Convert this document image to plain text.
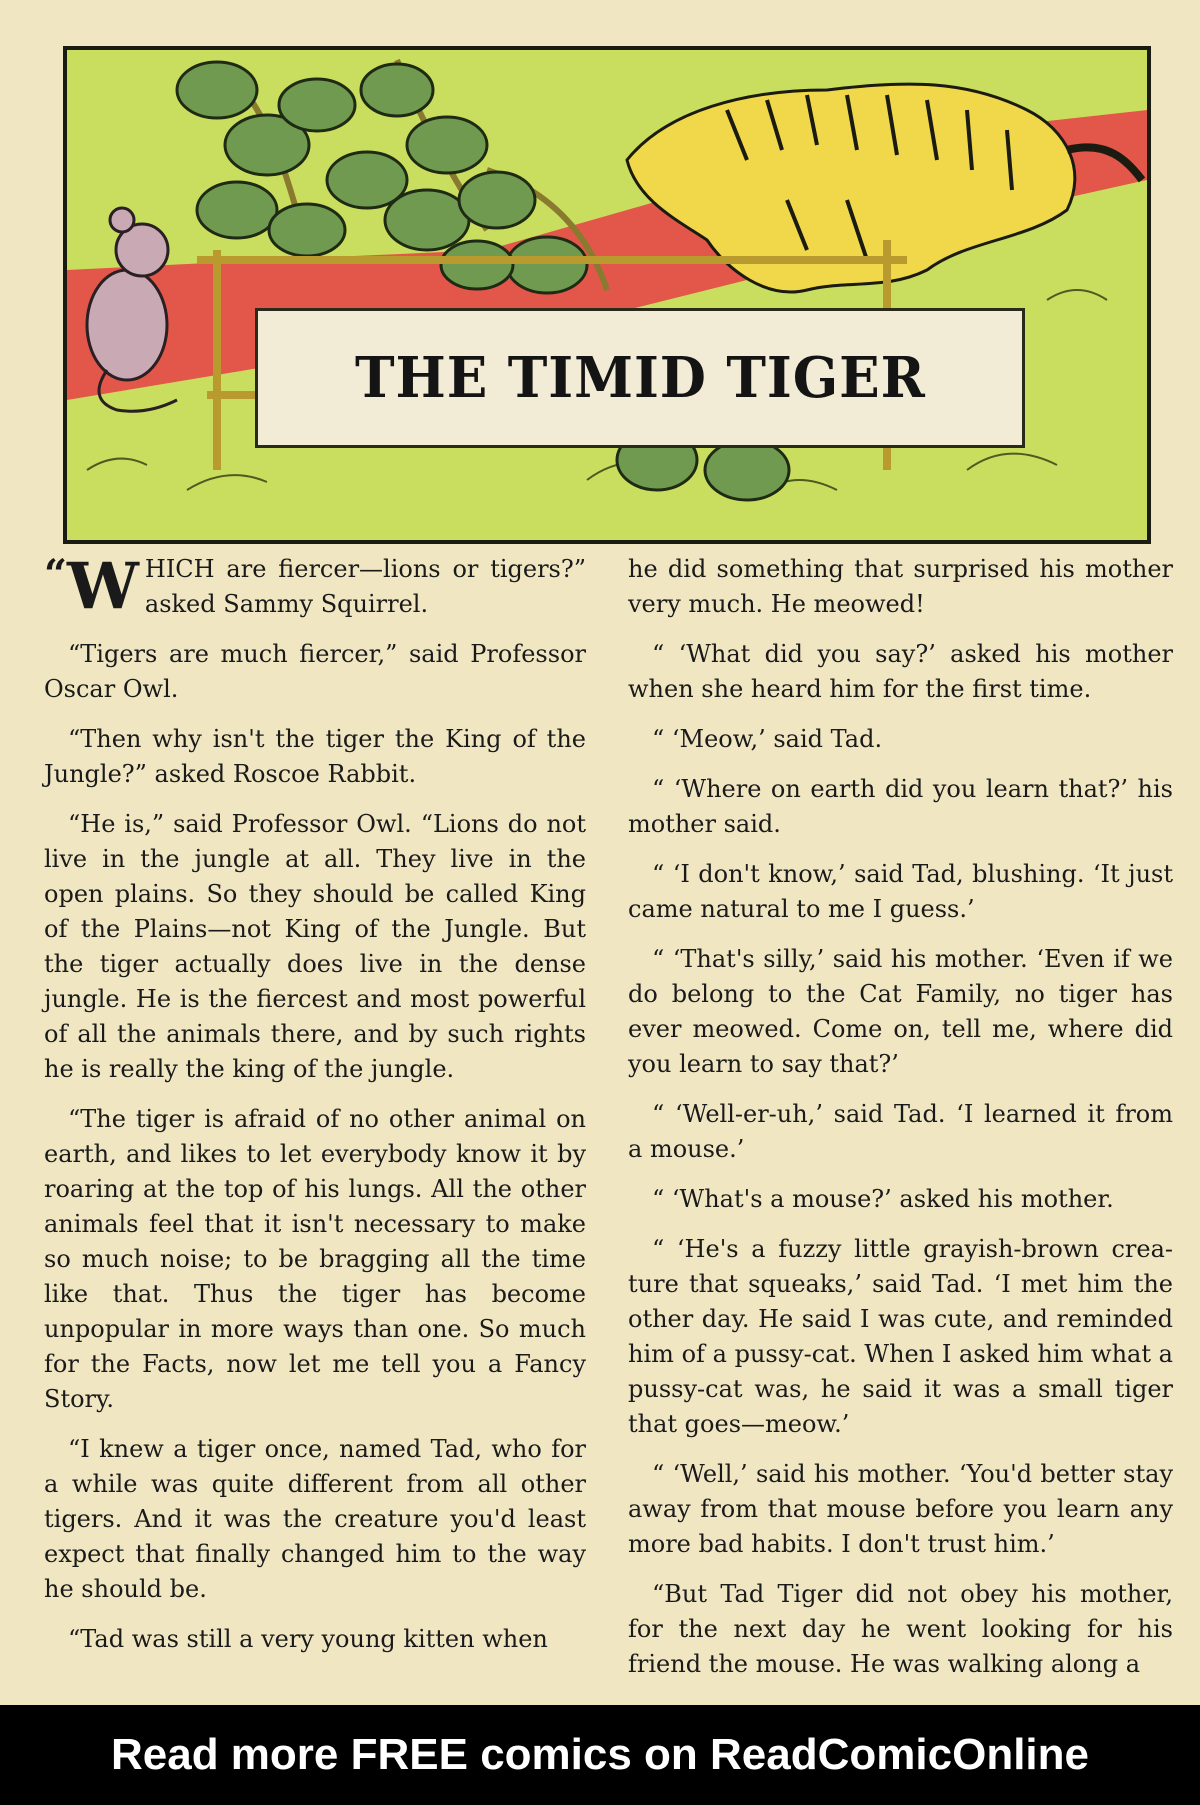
THE TIMID TIGER

“W HICH are fiercer—lions or tigers?” asked Sammy Squirrel.

“Tigers are much fiercer,” said Professor Oscar Owl.

“Then why isn't the tiger the King of the Jungle?” asked Roscoe Rabbit.

“He is,” said Professor Owl. “Lions do not live in the jungle at all. They live in the open plains. So they should be called King of the Plains—not King of the Jungle. But the tiger actually does live in the dense jungle. He is the fiercest and most powerful of all the animals there, and by such rights he is really the king of the jungle.

“The tiger is afraid of no other animal on earth, and likes to let everybody know it by roaring at the top of his lungs. All the other animals feel that it isn't necessary to make so much noise; to be bragging all the time like that. Thus the tiger has become unpopular in more ways than one. So much for the Facts, now let me tell you a Fancy Story.

“I knew a tiger once, named Tad, who for a while was quite different from all other tigers. And it was the creature you'd least expect that finally changed him to the way he should be.

“Tad was still a very young kitten when

he did something that surprised his mother very much. He meowed!

“ ‘What did you say?’ asked his mother when she heard him for the first time.

“ ‘Meow,’ said Tad.

“ ‘Where on earth did you learn that?’ his mother said.

“ ‘I don't know,’ said Tad, blushing. ‘It just came natural to me I guess.’

“ ‘That's silly,’ said his mother. ‘Even if we do belong to the Cat Family, no tiger has ever meowed. Come on, tell me, where did you learn to say that?’

“ ‘Well-er-uh,’ said Tad. ‘I learned it from a mouse.’

“ ‘What's a mouse?’ asked his mother.

“ ‘He's a fuzzy little grayish-brown creature that squeaks,’ said Tad. ‘I met him the other day. He said I was cute, and reminded him of a pussy-cat. When I asked him what a pussy-cat was, he said it was a small tiger that goes—meow.’

“ ‘Well,’ said his mother. ‘You'd better stay away from that mouse before you learn any more bad habits. I don't trust him.’

“But Tad Tiger did not obey his mother, for the next day he went looking for his friend the mouse. He was walking along a

Read more FREE comics on ReadComicOnline
